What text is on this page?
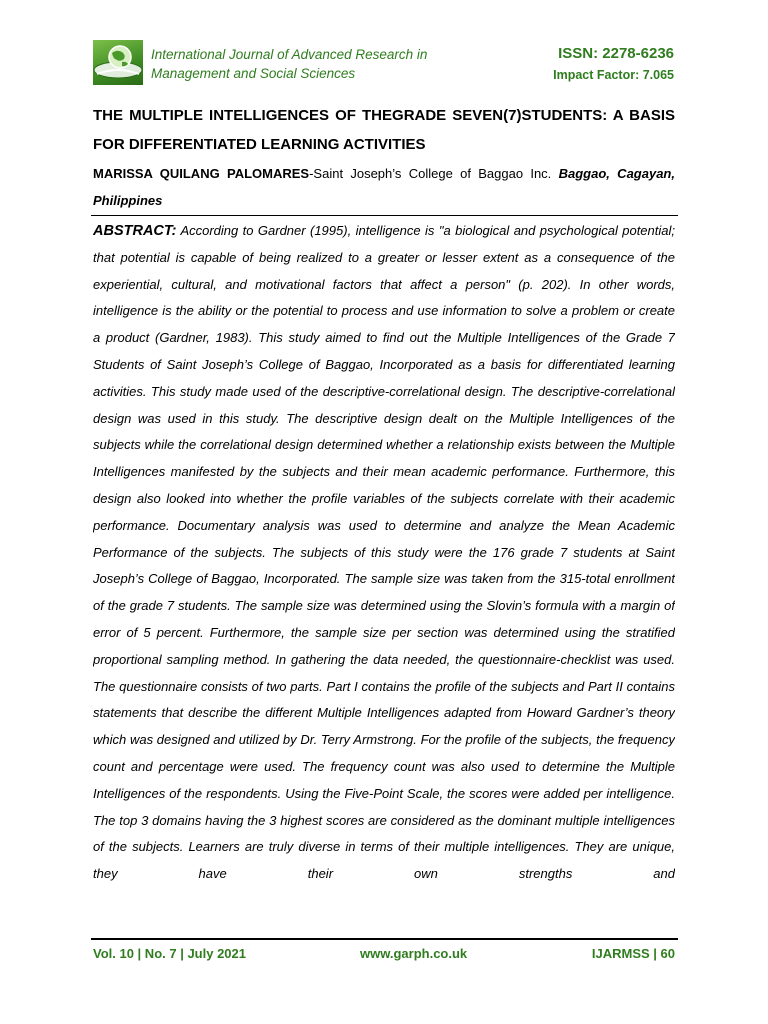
International Journal of Advanced Research in
Management and Social Sciences
ISSN: 2278-6236
Impact Factor: 7.065
THE MULTIPLE INTELLIGENCES OF THEGRADE SEVEN(7)STUDENTS: A BASIS FOR DIFFERENTIATED LEARNING ACTIVITIES
MARISSA QUILANG PALOMARES-Saint Joseph’s College of Baggao Inc. Baggao, Cagayan, Philippines
ABSTRACT: According to Gardner (1995), intelligence is "a biological and psychological potential; that potential is capable of being realized to a greater or lesser extent as a consequence of the experiential, cultural, and motivational factors that affect a person" (p. 202). In other words, intelligence is the ability or the potential to process and use information to solve a problem or create a product (Gardner, 1983). This study aimed to find out the Multiple Intelligences of the Grade 7 Students of Saint Joseph’s College of Baggao, Incorporated as a basis for differentiated learning activities. This study made used of the descriptive-correlational design. The descriptive-correlational design was used in this study. The descriptive design dealt on the Multiple Intelligences of the subjects while the correlational design determined whether a relationship exists between the Multiple Intelligences manifested by the subjects and their mean academic performance. Furthermore, this design also looked into whether the profile variables of the subjects correlate with their academic performance. Documentary analysis was used to determine and analyze the Mean Academic Performance of the subjects. The subjects of this study were the 176 grade 7 students at Saint Joseph’s College of Baggao, Incorporated. The sample size was taken from the 315-total enrollment of the grade 7 students. The sample size was determined using the Slovin’s formula with a margin of error of 5 percent. Furthermore, the sample size per section was determined using the stratified proportional sampling method. In gathering the data needed, the questionnaire-checklist was used. The questionnaire consists of two parts. Part I contains the profile of the subjects and Part II contains statements that describe the different Multiple Intelligences adapted from Howard Gardner’s theory which was designed and utilized by Dr. Terry Armstrong. For the profile of the subjects, the frequency count and percentage were used. The frequency count was also used to determine the Multiple Intelligences of the respondents. Using the Five-Point Scale, the scores were added per intelligence. The top 3 domains having the 3 highest scores are considered as the dominant multiple intelligences of the subjects. Learners are truly diverse in terms of their multiple intelligences. They are unique, they have their own strengths and
Vol. 10 | No. 7 | July 2021	www.garph.co.uk	IJARMSS | 60
